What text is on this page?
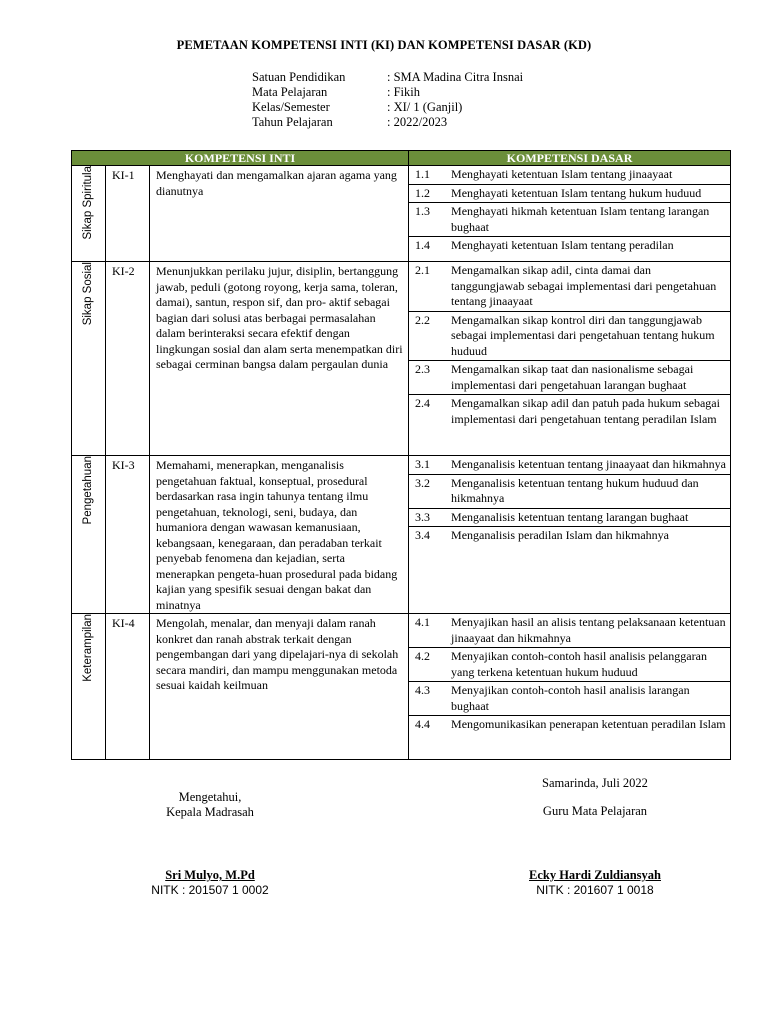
PEMETAAN KOMPETENSI INTI (KI) DAN KOMPETENSI DASAR (KD)
Satuan Pendidikan	: SMA Madina Citra Insnai
Mata Pelajaran	: Fikih
Kelas/Semester	: XI/ 1 (Ganjil)
Tahun Pelajaran	: 2022/2023
KOMPETENSI INTI	KOMPETENSI DASAR

Sikap Spiritula	KI-1	Menghayati dan mengamalkan ajaran agama yang dianutnya	
1.1	Menghayati ketentuan Islam tentang jinaayaat
1.2	Menghayati ketentuan Islam tentang hukum huduud
1.3	Menghayati hikmah ketentuan Islam tentang larangan bughaat
1.4	Menghayati ketentuan Islam tentang peradilan

Sikap Sosial	KI-2	Menunjukkan perilaku jujur, disiplin, bertanggung jawab, peduli (gotong royong, kerja sama, toleran, damai), santun, respon sif, dan pro- aktif sebagai bagian dari solusi atas berbagai permasalahan dalam berinteraksi secara efektif dengan lingkungan sosial dan alam serta menempatkan diri sebagai cerminan bangsa dalam pergaulan dunia	
2.1	Mengamalkan sikap adil, cinta damai dan tanggungjawab sebagai implementasi dari pengetahuan tentang jinaayaat
2.2	Mengamalkan sikap kontrol diri dan tanggungjawab sebagai implementasi dari pengetahuan tentang hukum huduud
2.3	Mengamalkan sikap taat dan nasionalisme sebagai implementasi dari pengetahuan larangan bughaat
2.4	Mengamalkan sikap adil dan patuh pada hukum sebagai implementasi dari pengetahuan tentang peradilan Islam

Pengetahuan	KI-3	Memahami, menerapkan, menganalisis pengetahuan faktual, konseptual, prosedural berdasarkan rasa ingin tahunya tentang ilmu pengetahuan, teknologi, seni, budaya, dan humaniora dengan wawasan kemanusiaan, kebangsaan, kenegaraan, dan peradaban terkait penyebab fenomena dan kejadian, serta menerapkan pengeta-huan prosedural pada bidang kajian yang spesifik sesuai dengan bakat dan minatnya	
3.1	Menganalisis ketentuan tentang jinaayaat dan hikmahnya
3.2	Menganalisis ketentuan tentang hukum huduud dan hikmahnya
3.3	Menganalisis ketentuan tentang larangan bughaat
3.4	Menganalisis peradilan Islam dan hikmahnya

Keterampilan	KI-4	Mengolah, menalar, dan menyaji dalam ranah konkret dan ranah abstrak terkait dengan pengembangan dari yang dipelajari-nya di sekolah secara mandiri, dan mampu menggunakan metoda sesuai kaidah keilmuan	
4.1	Menyajikan hasil an alisis tentang pelaksanaan ketentuan jinaayaat dan hikmahnya
4.2	Menyajikan contoh-contoh hasil analisis pelanggaran yang terkena ketentuan hukum huduud
4.3	Menyajikan contoh-contoh hasil analisis larangan bughaat
4.4	Mengomunikasikan penerapan ketentuan peradilan Islam
Samarinda, Juli 2022
Mengetahui,
Kepala Madrasah
Sri Mulyo, M.Pd
NITK : 201507 1 0002
Guru Mata Pelajaran
Ecky Hardi Zuldiansyah
NITK : 201607 1 0018
